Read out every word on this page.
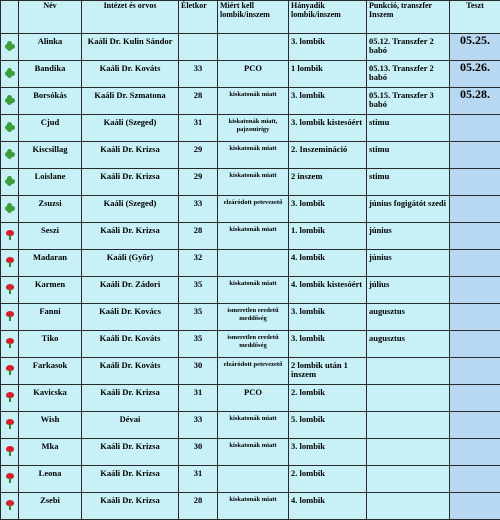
	Név	Intézet és orvos	Életkor	Miért kell lombik/inszem	Hányadik lombik/inszem	Punkció, transzfer Inszem	Teszt

	Alinka	Kaáli Dr. Kulin Sándor			3. lombik	05.12. Transzfer 2 babó	05.25.

	Bandika	Kaáli Dr. Kováts	33	PCO	1 lombik	05.13. Transzfer 2 babó	05.26.

	Borsókás	Kaáli Dr. Szmatona	28	kiskatonák miatt	3. lombik	05.15. Transzfer 3 babó	05.28.

	Cjud	Kaáli (Szeged)	31	kiskatonák miatt, pajzsmirigy	3. lombik kistesóért	stimu	

	Kiscsillag	Kaáli Dr. Krizsa	29	kiskatonák miatt	2. Inszemináció	stimu	

	Loislane	Kaáli Dr. Krizsa	29	kiskatonák miatt	2 inszem	stimu	

	Zsuzsi	Kaáli (Szeged)	33	elzáródott petevezető	3. lombik	június fogigátót szedi	

	Seszi	Kaáli Dr. Krizsa	28	kiskatonák miatt	1. lombik	június	

	Madaran	Kaáli (Győr)	32		4. lombik	június	

	Karmen	Kaáli Dr. Zádori	35	kiskatonák miatt	4. lombik kistesóért	július	

	Fanni	Kaáli Dr. Kovács	35	ismeretlen eredetű meddőség	3. lombik	augusztus	

	Tiko	Kaáli Dr. Kováts	35	ismeretlen eredetű meddőség	3. lombik	augusztus	

	Farkasok	Kaáli Dr. Kováts	30	elzáródott petevezető	2 lombik után 1 inszem		

	Kavicska	Kaáli Dr. Krizsa	31	PCO	2. lombik		

	Wish	Dévai	33	kiskatonák miatt	5. lombik		

	Mka	Kaáli Dr. Krizsa	30	kiskatonák miatt	3. lombik		

	Leona	Kaáli Dr. Krizsa	31		2. lombik		

	Zsebi	Kaáli Dr. Krizsa	28	kiskatonák miatt	4. lombik		
